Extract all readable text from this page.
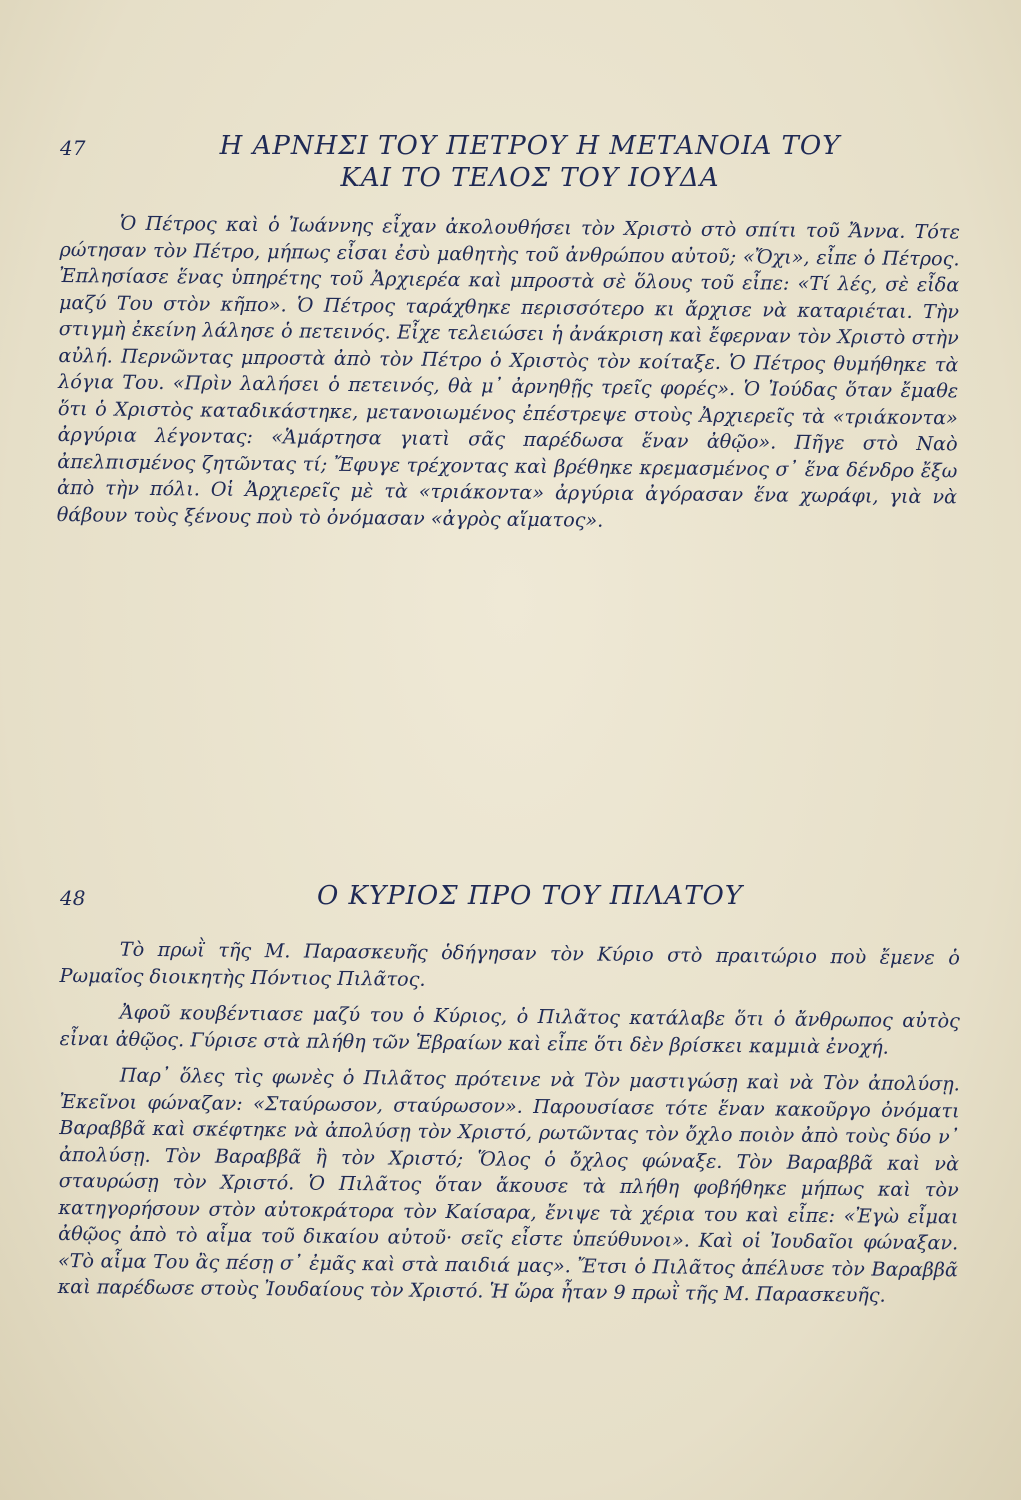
47	Η ΑΡΝΗΣΙ ΤΟΥ ΠΕΤΡΟΥ Η ΜΕΤΑΝΟΙΑ ΤΟΥ
ΚΑΙ ΤΟ ΤΕΛΟΣ ΤΟΥ ΙΟΥΔΑ

Ὁ Πέτρος καὶ ὁ Ἰωάννης εἶχαν ἀκολουθήσει τὸν Χριστὸ στὸ σπίτι τοῦ Ἄννα. Τότε ρώτησαν τὸν Πέτρο, μήπως εἶσαι ἐσὺ μαθητὴς τοῦ ἀνθρώπου αὐτοῦ; «Ὄχι», εἶπε ὁ Πέτρος. Ἐπλησίασε ἕνας ὑπηρέτης τοῦ Ἀρχιερέα καὶ μπροστὰ σὲ ὅλους τοῦ εἶπε: «Τί λές, σὲ εἶδα μαζύ Του στὸν κῆπο». Ὁ Πέτρος ταράχθηκε περισσότερο κι ἄρχισε νὰ καταριέται. Τὴν στιγμὴ ἐκείνη λάλησε ὁ πετεινός. Εἶχε τελειώσει ἡ ἀνάκριση καὶ ἔφερναν τὸν Χριστὸ στὴν αὐλή. Περνῶντας μπροστὰ ἀπὸ τὸν Πέτρο ὁ Χριστὸς τὸν κοίταξε. Ὁ Πέτρος θυμήθηκε τὰ λόγια Του. «Πρὶν λαλήσει ὁ πετεινός, θὰ μ᾽ ἀρνηθῇς τρεῖς φορές». Ὁ Ἰούδας ὅταν ἔμαθε ὅτι ὁ Χριστὸς καταδικάστηκε, μετανοιωμένος ἐπέστρεψε στοὺς Ἀρχιερεῖς τὰ «τριάκοντα» ἀργύρια λέγοντας: «Ἁμάρτησα γιατὶ σᾶς παρέδωσα ἕναν ἀθῷο». Πῆγε στὸ Ναὸ ἀπελπισμένος ζητῶντας τί; Ἔφυγε τρέχοντας καὶ βρέθηκε κρεμασμένος σ᾽ ἕνα δένδρο ἔξω ἀπὸ τὴν πόλι. Οἱ Ἀρχιερεῖς μὲ τὰ «τριάκοντα» ἀργύρια ἀγόρασαν ἕνα χωράφι, γιὰ νὰ θάβουν τοὺς ξένους ποὺ τὸ ὀνόμασαν «ἀγρὸς αἵματος».

48	Ο ΚΥΡΙΟΣ ΠΡΟ ΤΟΥ ΠΙΛΑΤΟΥ

Τὸ πρωῒ τῆς Μ. Παρασκευῆς ὁδήγησαν τὸν Κύριο στὸ πραιτώριο ποὺ ἔμενε ὁ Ρωμαῖος διοικητὴς Πόντιος Πιλᾶτος.

Ἀφοῦ κουβέντιασε μαζύ του ὁ Κύριος, ὁ Πιλᾶτος κατάλαβε ὅτι ὁ ἄνθρωπος αὐτὸς εἶναι ἀθῷος. Γύρισε στὰ πλήθη τῶν Ἑβραίων καὶ εἶπε ὅτι δὲν βρίσκει καμμιὰ ἐνοχή.

Παρ᾽ ὅλες τὶς φωνὲς ὁ Πιλᾶτος πρότεινε νὰ Τὸν μαστιγώσῃ καὶ νὰ Τὸν ἀπολύσῃ. Ἐκεῖνοι φώναζαν: «Σταύρωσον, σταύρωσον». Παρουσίασε τότε ἕναν κακοῦργο ὀνόματι Βαραββᾶ καὶ σκέφτηκε νὰ ἀπολύσῃ τὸν Χριστό, ρωτῶντας τὸν ὄχλο ποιὸν ἀπὸ τοὺς δύο ν᾽ ἀπολύσῃ. Τὸν Βαραββᾶ ἢ τὸν Χριστό; Ὅλος ὁ ὄχλος φώναξε. Τὸν Βαραββᾶ καὶ νὰ σταυρώσῃ τὸν Χριστό. Ὁ Πιλᾶτος ὅταν ἄκουσε τὰ πλήθη φοβήθηκε μήπως καὶ τὸν κατηγορήσουν στὸν αὐτοκράτορα τὸν Καίσαρα, ἔνιψε τὰ χέρια του καὶ εἶπε: «Ἐγὼ εἶμαι ἀθῷος ἀπὸ τὸ αἷμα τοῦ δικαίου αὐτοῦ· σεῖς εἶστε ὑπεύθυνοι». Καὶ οἱ Ἰουδαῖοι φώναξαν. «Τὸ αἷμα Του ἂς πέσῃ σ᾽ ἐμᾶς καὶ στὰ παιδιά μας». Ἔτσι ὁ Πιλᾶτος ἀπέλυσε τὸν Βαραββᾶ καὶ παρέδωσε στοὺς Ἰουδαίους τὸν Χριστό. Ἡ ὥρα ἦταν 9 πρωῒ τῆς Μ. Παρασκευῆς.
